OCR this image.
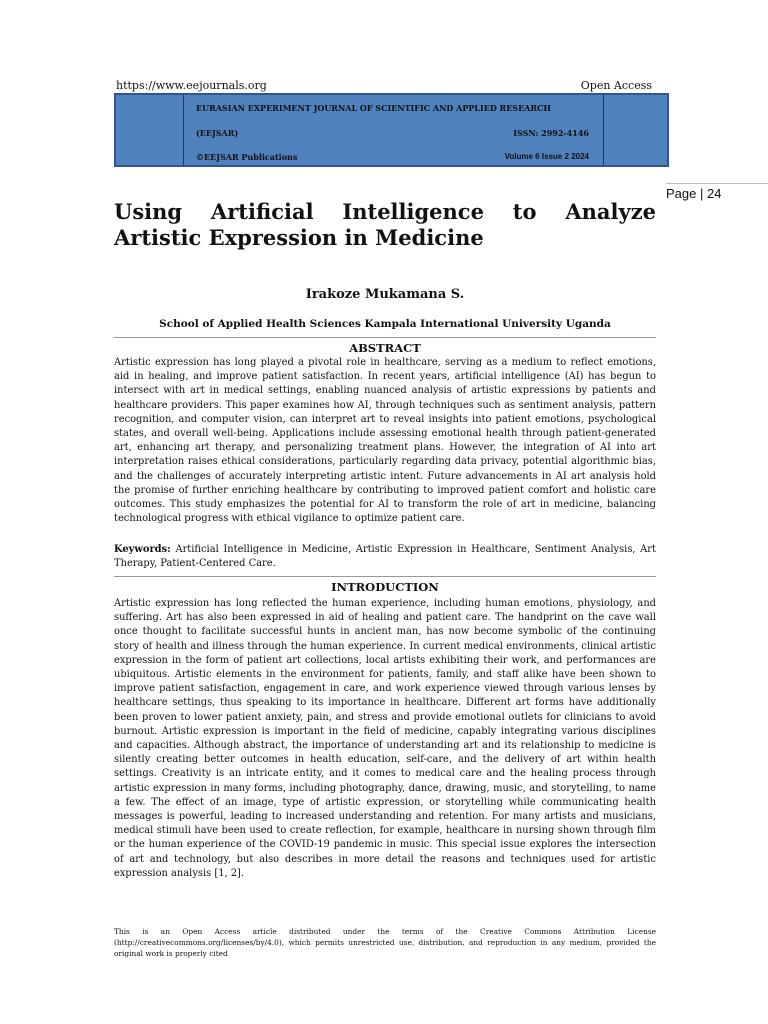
https://www.eejournals.org	Open Access
EURASIAN EXPERIMENT JOURNAL OF SCIENTIFIC AND APPLIED RESEARCH
(EEJSAR)	ISSN: 2992-4146
©EEJSAR Publications	Volume 6 Issue 2 2024
Page | 24
Using Artificial Intelligence to Analyze Artistic Expression in Medicine
Irakoze Mukamana S.
School of Applied Health Sciences Kampala International University Uganda
ABSTRACT

Artistic expression has long played a pivotal role in healthcare, serving as a medium to reflect emotions, aid in healing, and improve patient satisfaction. In recent years, artificial intelligence (AI) has begun to intersect with art in medical settings, enabling nuanced analysis of artistic expressions by patients and healthcare providers. This paper examines how AI, through techniques such as sentiment analysis, pattern recognition, and computer vision, can interpret art to reveal insights into patient emotions, psychological states, and overall well-being. Applications include assessing emotional health through patient-generated art, enhancing art therapy, and personalizing treatment plans. However, the integration of AI into art interpretation raises ethical considerations, particularly regarding data privacy, potential algorithmic bias, and the challenges of accurately interpreting artistic intent. Future advancements in AI art analysis hold the promise of further enriching healthcare by contributing to improved patient comfort and holistic care outcomes. This study emphasizes the potential for AI to transform the role of art in medicine, balancing technological progress with ethical vigilance to optimize patient care.

Keywords: Artificial Intelligence in Medicine, Artistic Expression in Healthcare, Sentiment Analysis, Art Therapy, Patient-Centered Care.

INTRODUCTION

Artistic expression has long reflected the human experience, including human emotions, physiology, and suffering. Art has also been expressed in aid of healing and patient care. The handprint on the cave wall once thought to facilitate successful hunts in ancient man, has now become symbolic of the continuing story of health and illness through the human experience. In current medical environments, clinical artistic expression in the form of patient art collections, local artists exhibiting their work, and performances are ubiquitous. Artistic elements in the environment for patients, family, and staff alike have been shown to improve patient satisfaction, engagement in care, and work experience viewed through various lenses by healthcare settings, thus speaking to its importance in healthcare. Different art forms have additionally been proven to lower patient anxiety, pain, and stress and provide emotional outlets for clinicians to avoid burnout. Artistic expression is important in the field of medicine, capably integrating various disciplines and capacities. Although abstract, the importance of understanding art and its relationship to medicine is silently creating better outcomes in health education, self-care, and the delivery of art within health settings. Creativity is an intricate entity, and it comes to medical care and the healing process through artistic expression in many forms, including photography, dance, drawing, music, and storytelling, to name a few. The effect of an image, type of artistic expression, or storytelling while communicating health messages is powerful, leading to increased understanding and retention. For many artists and musicians, medical stimuli have been used to create reflection, for example, healthcare in nursing shown through film or the human experience of the COVID-19 pandemic in music. This special issue explores the intersection of art and technology, but also describes in more detail the reasons and techniques used for artistic expression analysis [1, 2].

This is an Open Access article distributed under the terms of the Creative Commons Attribution License (http://creativecommons.org/licenses/by/4.0), which permits unrestricted use, distribution, and reproduction in any medium, provided the original work is properly cited
